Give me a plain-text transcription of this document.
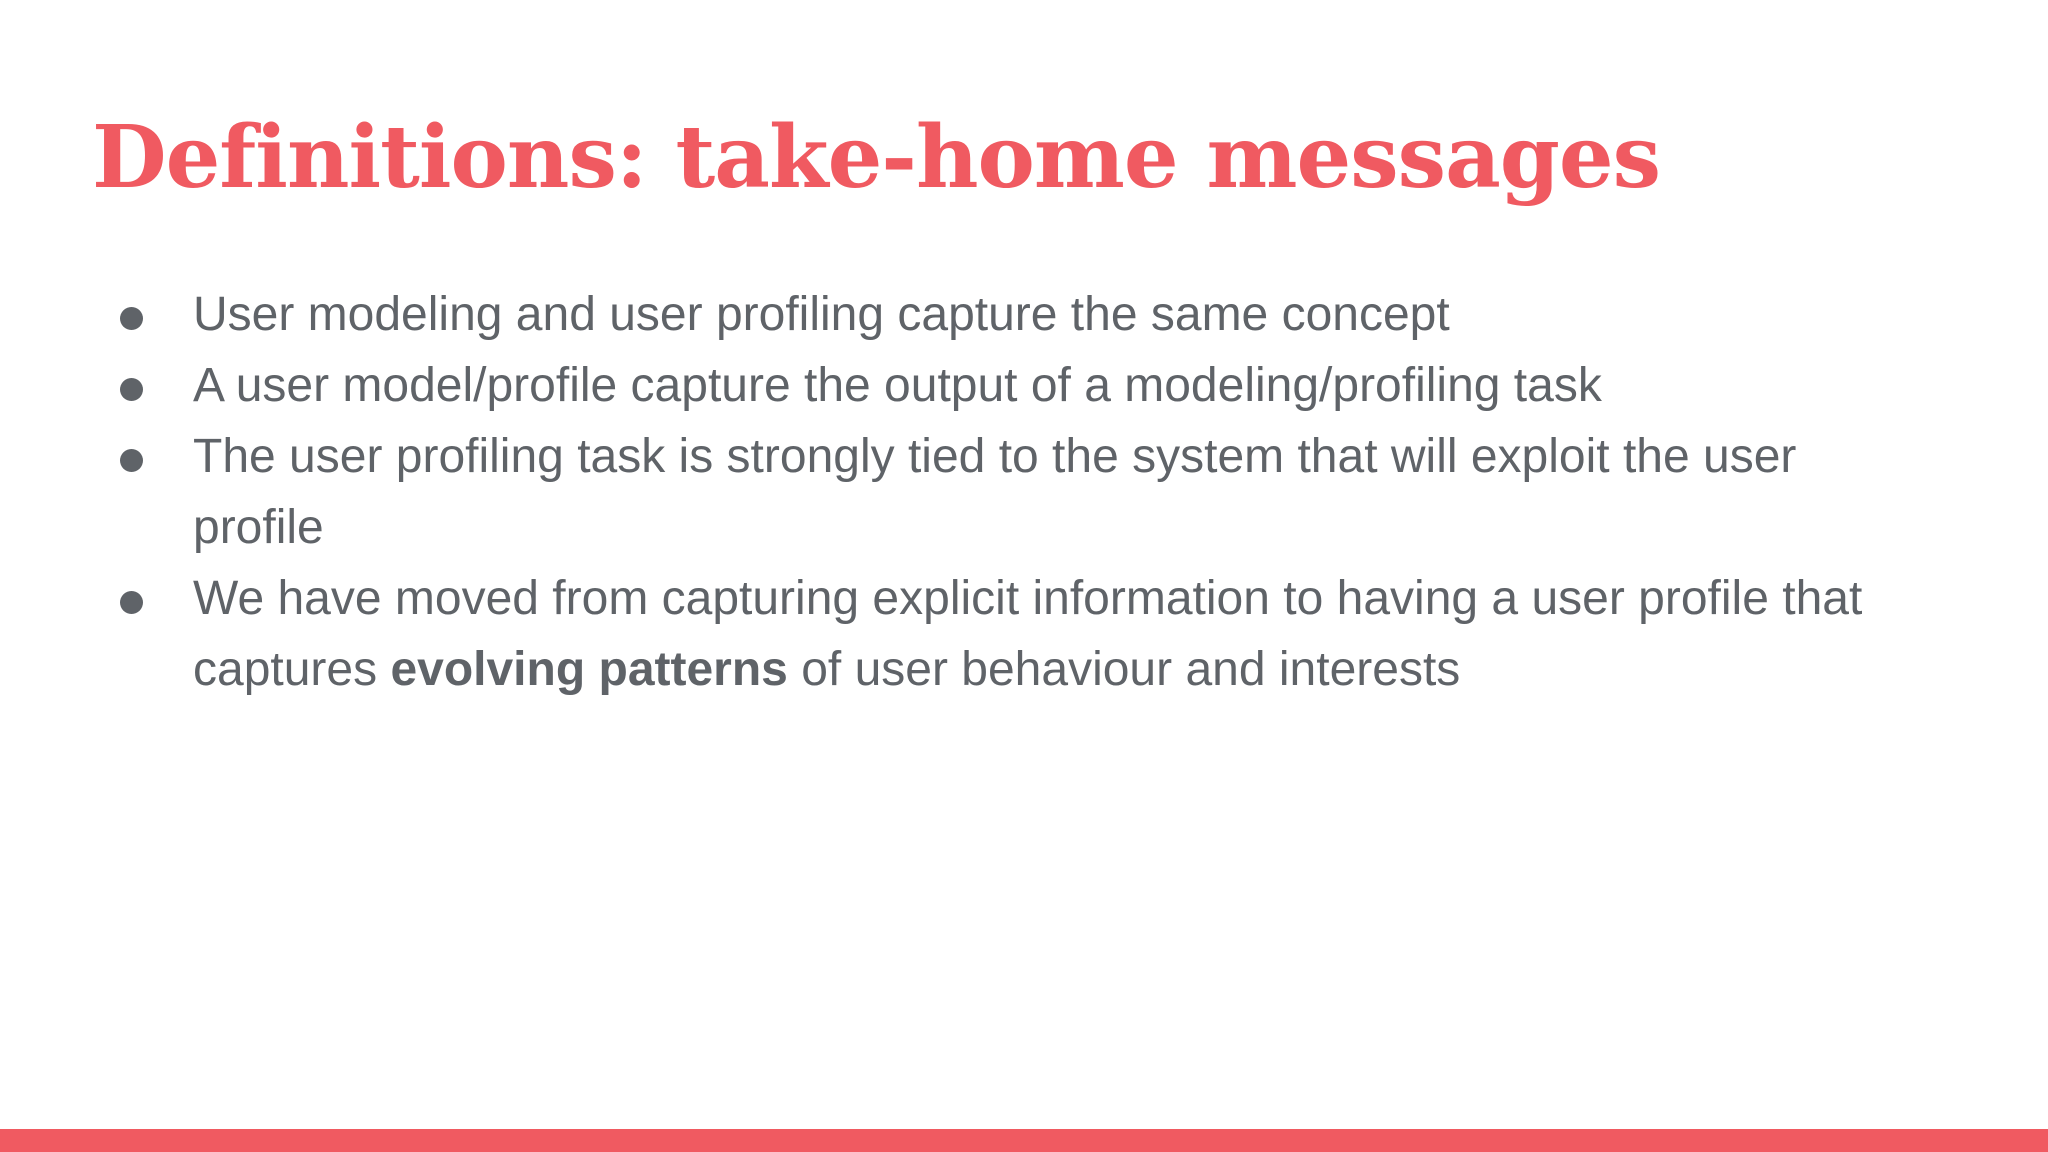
Definitions: take-home messages
User modeling and user profiling capture the same concept
A user model/profile capture the output of a modeling/profiling task
The user profiling task is strongly tied to the system that will exploit the user profile
We have moved from capturing explicit information to having a user profile that captures evolving patterns of user behaviour and interests
